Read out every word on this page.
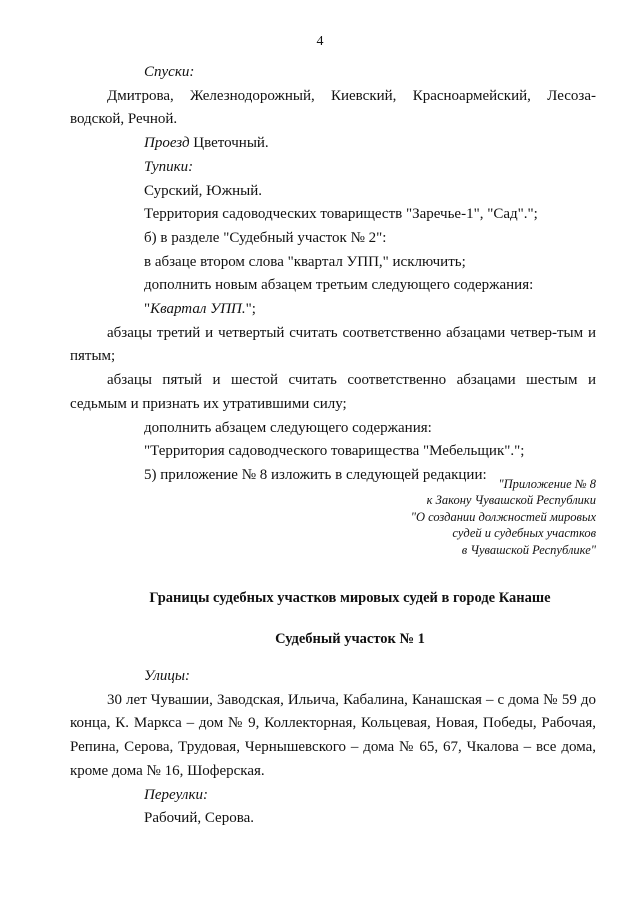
4

Спуски:

Дмитрова, Железнодорожный, Киевский, Красноармейский, Лесоза-водской, Речной.

Проезд Цветочный.

Тупики:

Сурский, Южный.

Территория садоводческих товариществ "Заречье-1", "Сад".";

б) в разделе "Судебный участок № 2":

в абзаце втором слова "квартал УПП," исключить;

дополнить новым абзацем третьим следующего содержания:

"Квартал УПП.";

абзацы третий и четвертый считать соответственно абзацами четвер-тым и пятым;

абзацы пятый и шестой считать соответственно абзацами шестым и седьмым и признать их утратившими силу;

дополнить абзацем следующего содержания:

"Территория садоводческого товарищества "Мебельщик".";

5) приложение № 8 изложить в следующей редакции:

"Приложение № 8
к Закону Чувашской Республики
"О создании должностей мировых
судей и судебных участков
в Чувашской Республике"
Границы судебных участков мировых судей в городе Канаше
Судебный участок № 1

Улицы:

30 лет Чувашии, Заводская, Ильича, Кабалина, Канашская – с дома № 59 до конца, К. Маркса – дом № 9, Коллекторная, Кольцевая, Новая, Победы, Рабочая, Репина, Серова, Трудовая, Чернышевского – дома № 65, 67, Чкалова – все дома, кроме дома № 16, Шоферская.

Переулки:

Рабочий, Серова.
